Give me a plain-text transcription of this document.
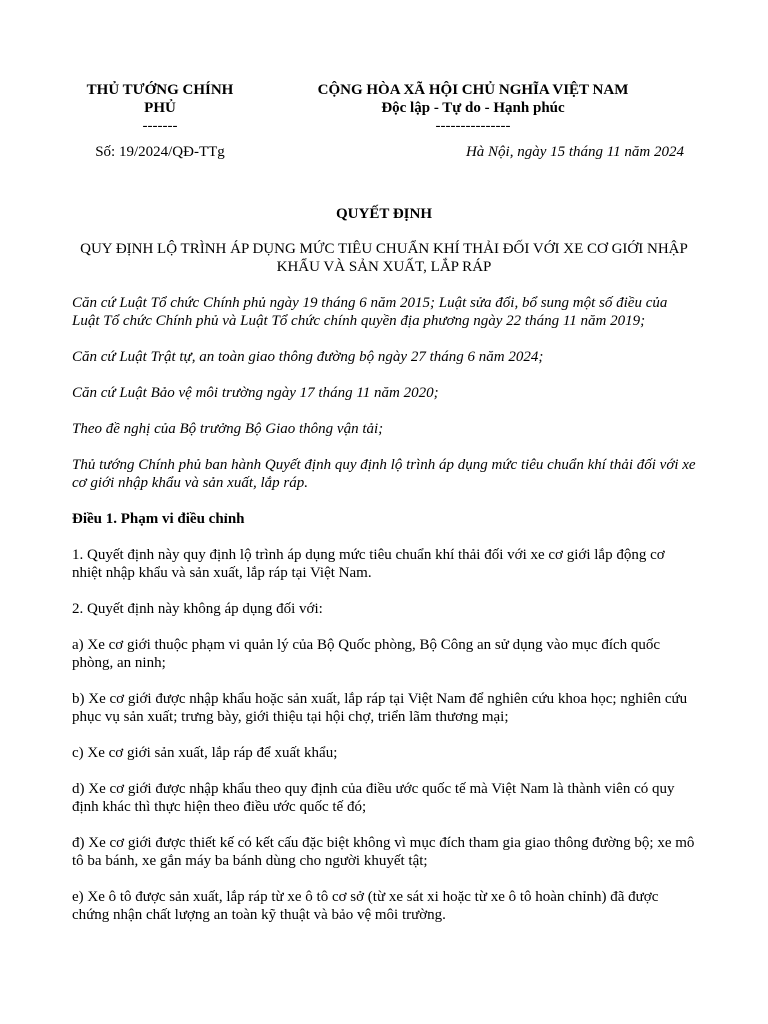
THỦ TƯỚNG CHÍNH
PHỦ
-------
CỘNG HÒA XÃ HỘI CHỦ NGHĨA VIỆT NAM
Độc lập - Tự do - Hạnh phúc
---------------
Số: 19/2024/QĐ-TTg	Hà Nội, ngày 15 tháng 11 năm 2024
QUYẾT ĐỊNH
QUY ĐỊNH LỘ TRÌNH ÁP DỤNG MỨC TIÊU CHUẨN KHÍ THẢI ĐỐI VỚI XE CƠ GIỚI NHẬP KHẨU VÀ SẢN XUẤT, LẮP RÁP

Căn cứ Luật Tổ chức Chính phủ ngày 19 tháng 6 năm 2015; Luật sửa đổi, bổ sung một số điều của Luật Tổ chức Chính phủ và Luật Tổ chức chính quyền địa phương ngày 22 tháng 11 năm 2019;

Căn cứ Luật Trật tự, an toàn giao thông đường bộ ngày 27 tháng 6 năm 2024;

Căn cứ Luật Bảo vệ môi trường ngày 17 tháng 11 năm 2020;

Theo đề nghị của Bộ trưởng Bộ Giao thông vận tải;

Thủ tướng Chính phủ ban hành Quyết định quy định lộ trình áp dụng mức tiêu chuẩn khí thải đối với xe cơ giới nhập khẩu và sản xuất, lắp ráp.

Điều 1. Phạm vi điều chỉnh

1. Quyết định này quy định lộ trình áp dụng mức tiêu chuẩn khí thải đối với xe cơ giới lắp động cơ nhiệt nhập khẩu và sản xuất, lắp ráp tại Việt Nam.

2. Quyết định này không áp dụng đối với:

a) Xe cơ giới thuộc phạm vi quản lý của Bộ Quốc phòng, Bộ Công an sử dụng vào mục đích quốc phòng, an ninh;

b) Xe cơ giới được nhập khẩu hoặc sản xuất, lắp ráp tại Việt Nam để nghiên cứu khoa học; nghiên cứu phục vụ sản xuất; trưng bày, giới thiệu tại hội chợ, triển lãm thương mại;

c) Xe cơ giới sản xuất, lắp ráp để xuất khẩu;

d) Xe cơ giới được nhập khẩu theo quy định của điều ước quốc tế mà Việt Nam là thành viên có quy định khác thì thực hiện theo điều ước quốc tế đó;

đ) Xe cơ giới được thiết kế có kết cấu đặc biệt không vì mục đích tham gia giao thông đường bộ; xe mô tô ba bánh, xe gắn máy ba bánh dùng cho người khuyết tật;

e) Xe ô tô được sản xuất, lắp ráp từ xe ô tô cơ sở (từ xe sát xi hoặc từ xe ô tô hoàn chỉnh) đã được chứng nhận chất lượng an toàn kỹ thuật và bảo vệ môi trường.
